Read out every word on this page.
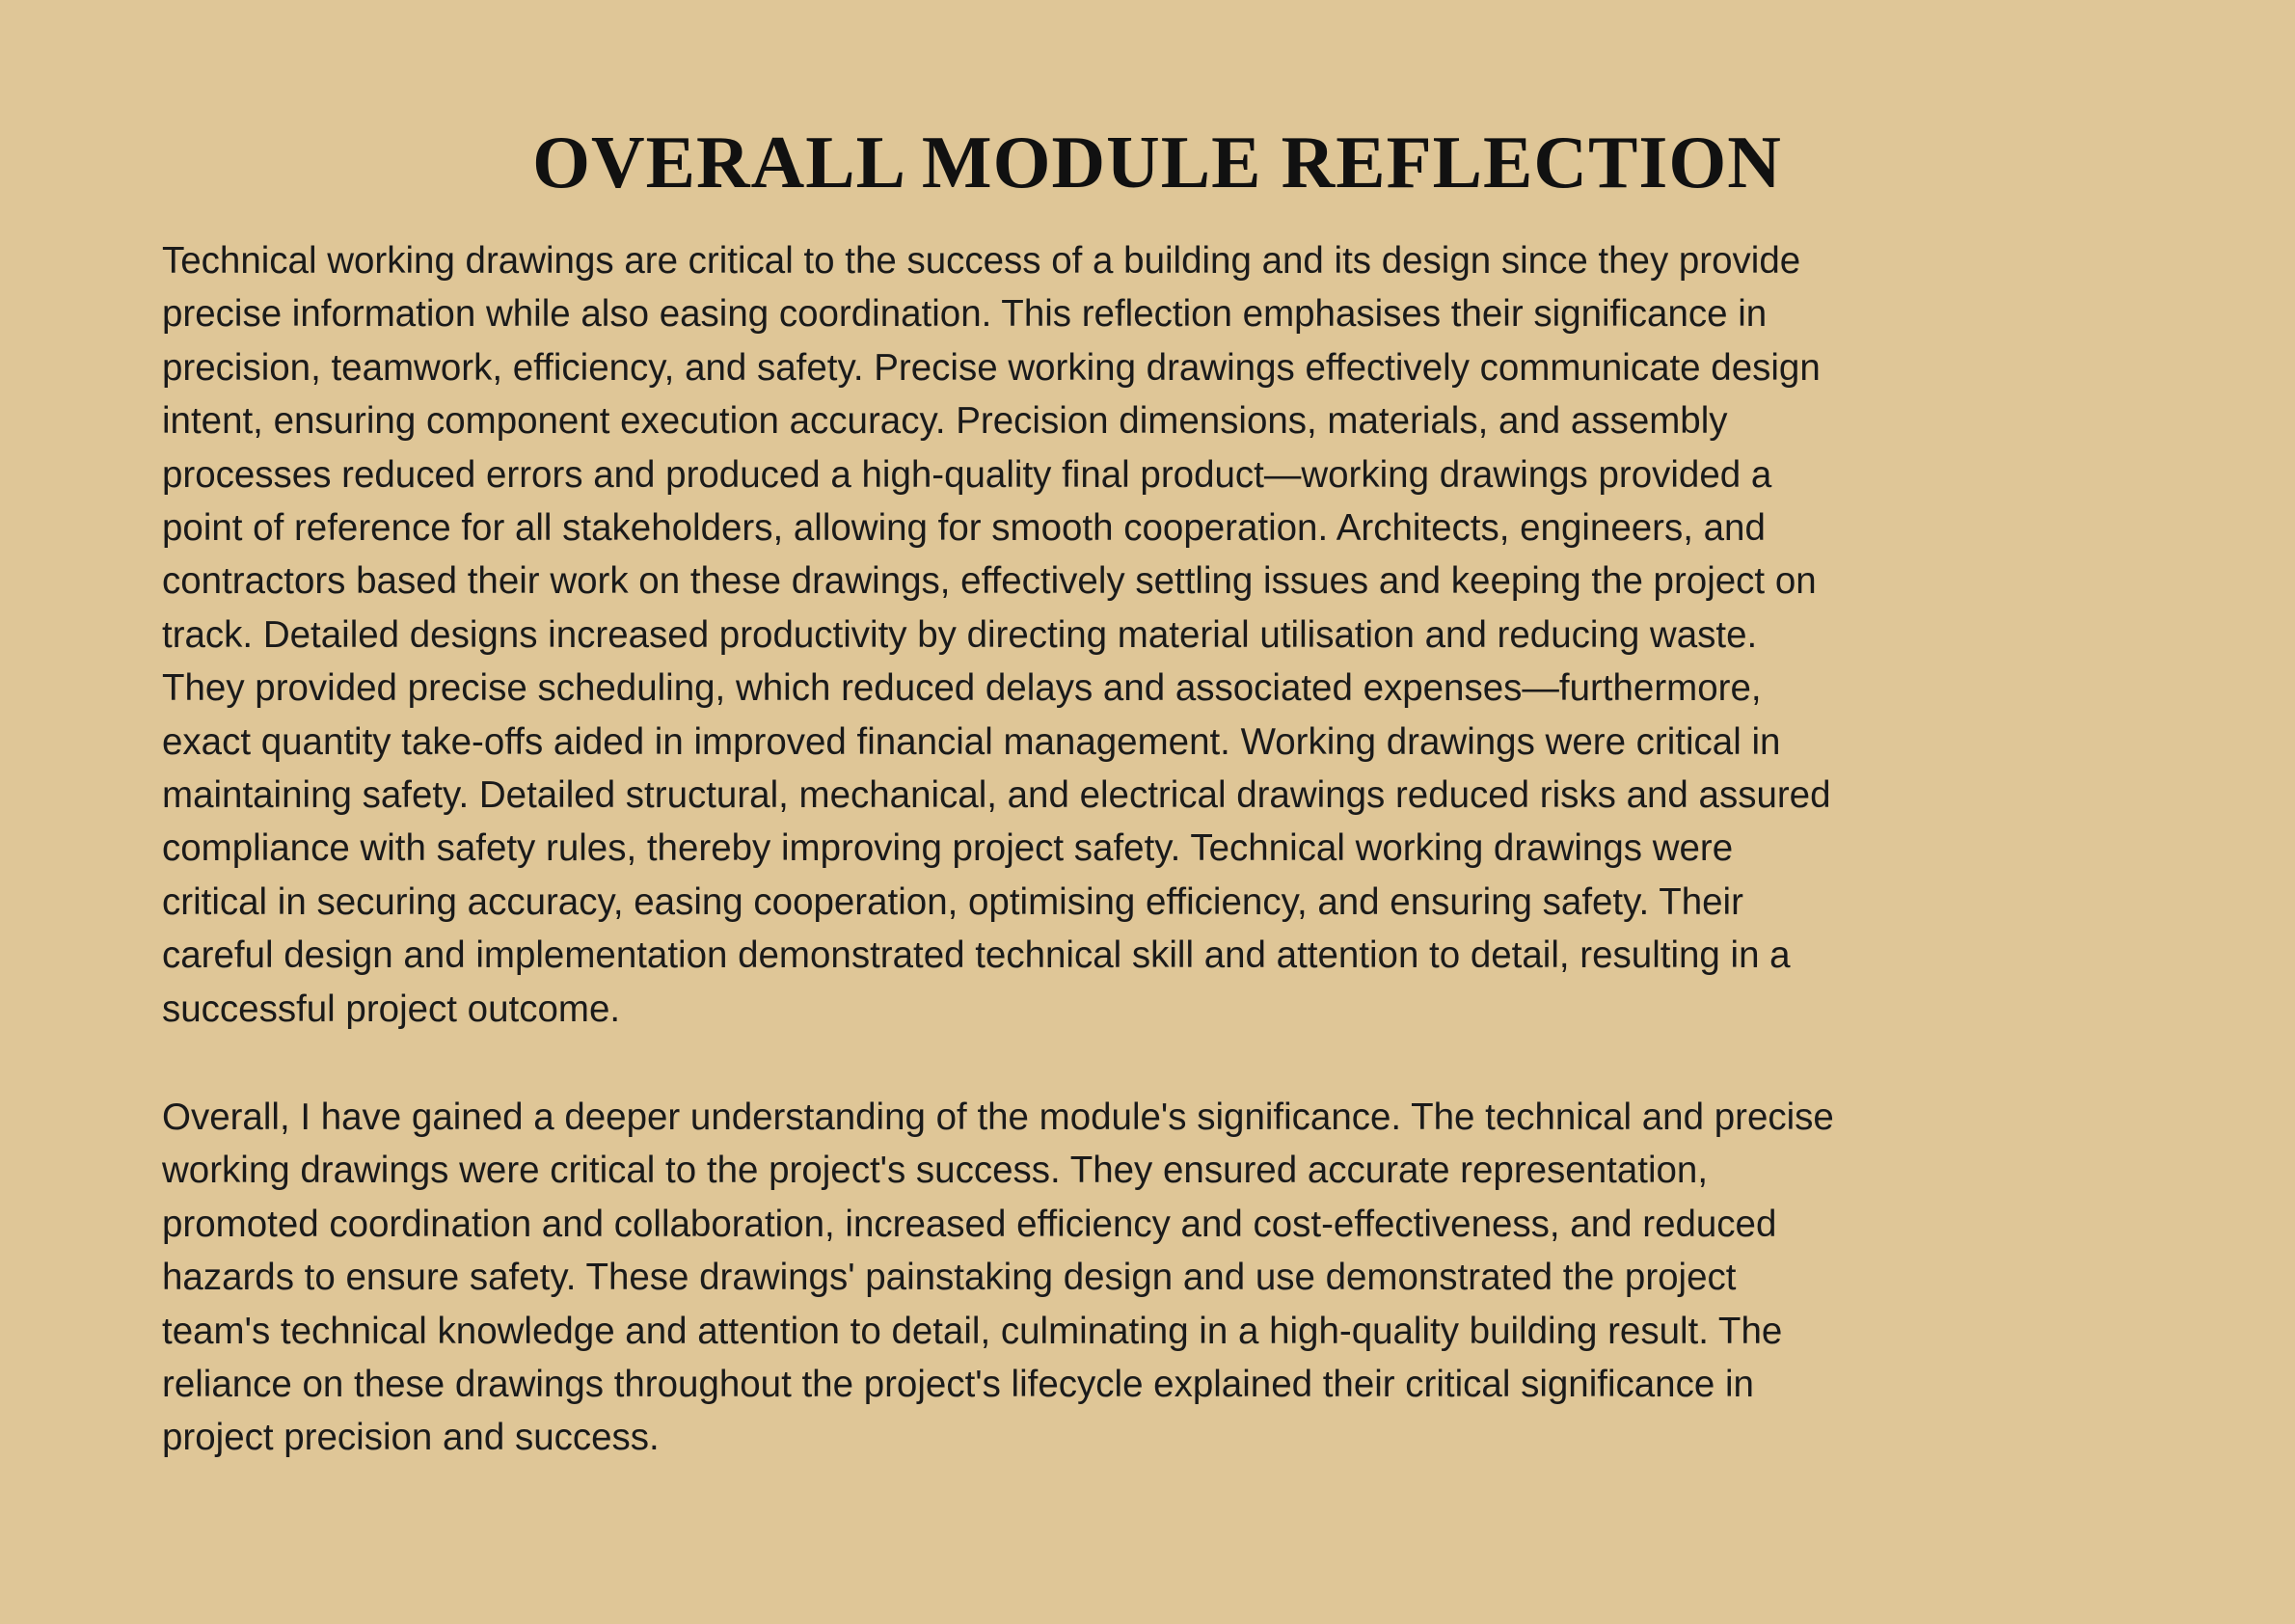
OVERALL MODULE REFLECTION

Technical working drawings are critical to the success of a building and its design since they provide
precise information while also easing coordination. This reflection emphasises their significance in
precision, teamwork, efficiency, and safety. Precise working drawings effectively communicate design
intent, ensuring component execution accuracy. Precision dimensions, materials, and assembly
processes reduced errors and produced a high-quality final product—working drawings provided a
point of reference for all stakeholders, allowing for smooth cooperation. Architects, engineers, and
contractors based their work on these drawings, effectively settling issues and keeping the project on
track. Detailed designs increased productivity by directing material utilisation and reducing waste.
They provided precise scheduling, which reduced delays and associated expenses—furthermore,
exact quantity take-offs aided in improved financial management. Working drawings were critical in
maintaining safety. Detailed structural, mechanical, and electrical drawings reduced risks and assured
compliance with safety rules, thereby improving project safety. Technical working drawings were
critical in securing accuracy, easing cooperation, optimising efficiency, and ensuring safety. Their
careful design and implementation demonstrated technical skill and attention to detail, resulting in a
successful project outcome.

Overall, I have gained a deeper understanding of the module's significance. The technical and precise
working drawings were critical to the project's success. They ensured accurate representation,
promoted coordination and collaboration, increased efficiency and cost-effectiveness, and reduced
hazards to ensure safety. These drawings' painstaking design and use demonstrated the project
team's technical knowledge and attention to detail, culminating in a high-quality building result. The
reliance on these drawings throughout the project's lifecycle explained their critical significance in
project precision and success.
